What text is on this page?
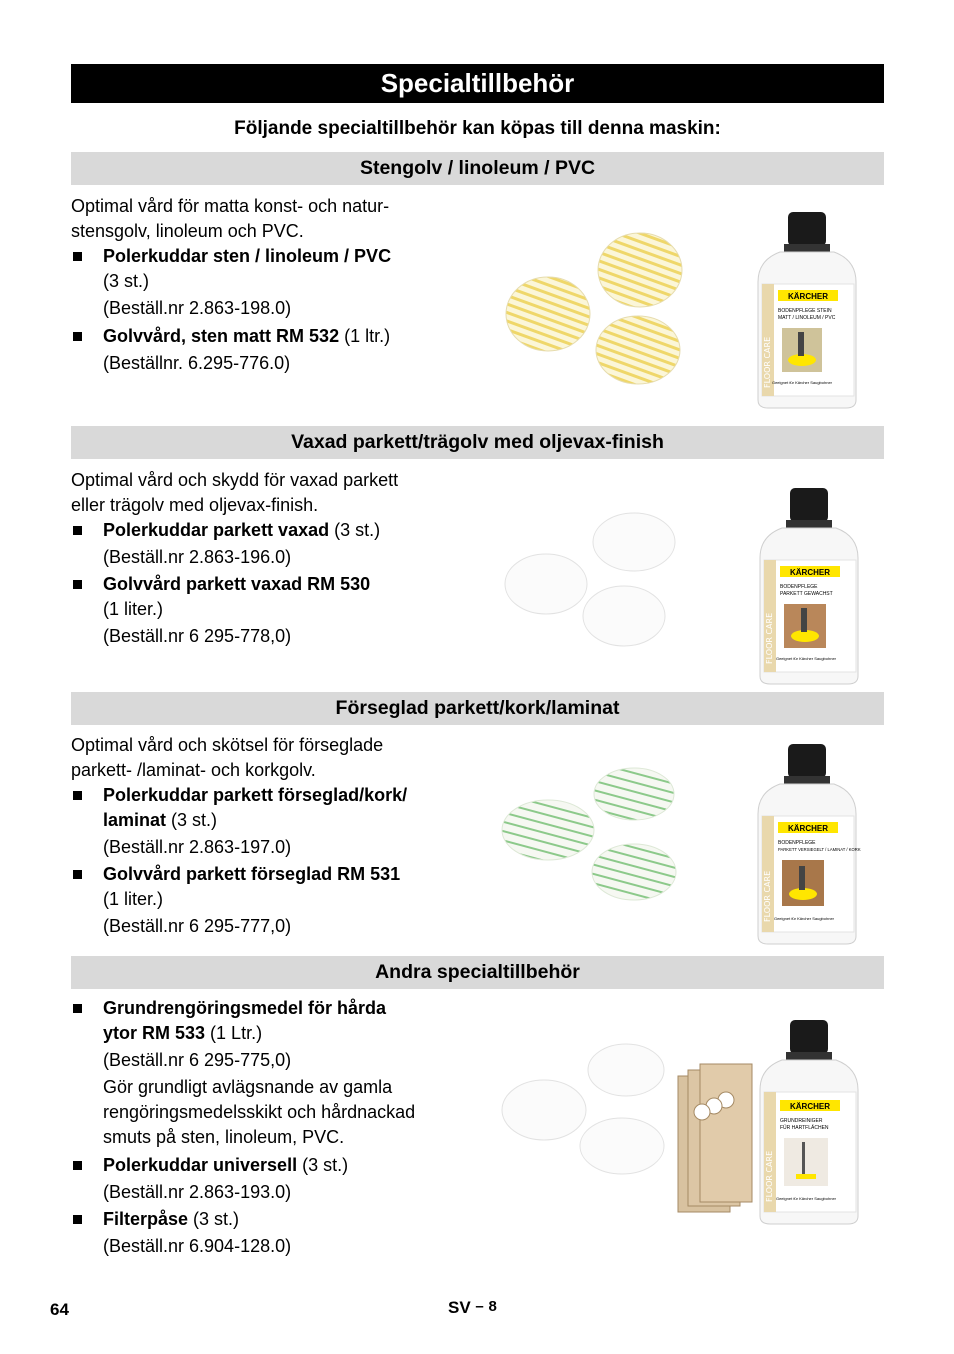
Specialtillbehör
Följande specialtillbehör kan köpas till denna maskin:
Stengolv / linoleum / PVC

Optimal vård för matta konst- och natur-
stensgolv, linoleum och PVC.

Polerkuddar sten / linoleum / PVC
(3 st.)

(Beställ.nr 2.863-198.0)

Golvvård, sten matt RM 532 (1 ltr.)

(Beställnr. 6.295-776.0)	FLOOR CARE
KÄRCHER
BODENPFLEGE STEIN
MATT / LINOLEUM / PVC
Geeignet für Kärcher Saugbohner
Vaxad parkett/trägolv med oljevax-finish

Optimal vård och skydd för vaxad parkett
eller trägolv med oljevax-finish.

Polerkuddar parkett vaxad (3 st.)

(Beställ.nr 2.863-196.0)

Golvvård parkett vaxad RM 530
(1 liter.)

(Beställ.nr 6 295-778,0)	FLOOR CARE
KÄRCHER
BODENPFLEGE
PARKETT GEWACHST
Geeignet für Kärcher Saugbohner
Förseglad parkett/kork/laminat

Optimal vård och skötsel för förseglade
parkett- /laminat- och korkgolv.

Polerkuddar parkett förseglad/kork/
laminat (3 st.)

(Beställ.nr 2.863-197.0)

Golvvård parkett förseglad RM 531
(1 liter.)

(Beställ.nr 6 295-777,0)

FLOOR CARE
KÄRCHER
BODENPFLEGE
PARKETT VERSIEGELT / LAMINAT / KORK
Geeignet für Kärcher Saugbohner
Andra specialtillbehör
Grundrengöringsmedel för hårda
ytor RM 533 (1 Ltr.)

(Beställ.nr 6 295-775,0)

Gör grundligt avlägsnande av gamla
rengöringsmedelsskikt och hårdnackad
smuts på sten, linoleum, PVC.

Polerkuddar universell (3 st.)

(Beställ.nr 2.863-193.0)

Filterpåse (3 st.)

(Beställ.nr 6.904-128.0)

FLOOR CARE
KÄRCHER
GRUNDREINIGER
FÜR HARTFLÄCHEN
Geeignet für Kärcher Saugbohner
64	SV – 8
